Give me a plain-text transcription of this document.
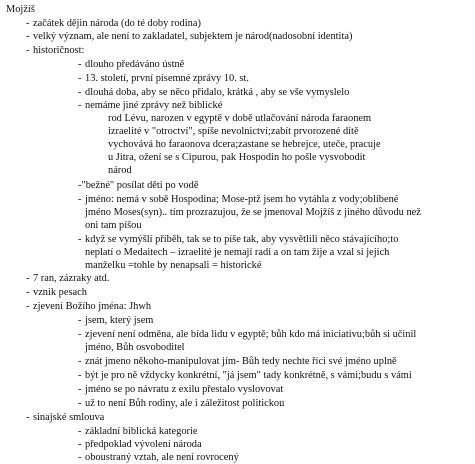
Mojžíš
- začátek dějin národa (do té doby rodina)
- velký význam, ale není to zakladatel, subjektem je národ(nadosobní identita)
- historičnost:
- dlouho předáváno ústně
- 13. století, první písemné zprávy 10. st.
- dlouhá doba, aby se něco přidalo, krátká , aby se vše vymyslelo
- nemáme jiné zprávy než biblické
rod Lévu, narozen v egyptě v době utlačování národa faraonem
izraelité v "otroctví", spíše nevolnictví;zabít prvorozené dítě
vychovává ho faraonova dcera;zastane se hebrejce, uteče, pracuje
u Jitra, ožení se s Cipurou, pak Hospodin ho pošle vysvobodit
národ
-"bežné" posílat děti po vodě
- jméno: nemá v sobě Hospodina; Mose-ptž jsem ho vytáhla z vody;oblíbené
jméno Moses(syn).. tím prozrazujou, že se jmenoval Mojžíš z jiného důvodu než
oni tam píšou
- když se vymýšlí příběh, tak se to píše tak, aby vysvětlili něco stávajícího;to
neplatí o Medaitech – izraelité je nemají radi a on tam žije a vzal si jejich
manželku =tohle by nenapsali = historické
- 7 ran, zázraky atd.
- vznik pesach
- zjevení Božího jména: Jhwh
- jsem, který jsem
- zjevení není odměna, ale bída lidu v egyptě; bůh kdo má iniciativu;bůh si učinil
jméno, Bůh osvoboditel
- znát jmeno někoho-manipulovat jím- Bůh tedy nechte říci své jméno uplně
- být je pro ně vždycky konkrétní, "já jsem" tady konkrétně, s vámi;budu s vámi
- jméno se po návratu z exilu přestalo vyslovovat
- už to není Bůh rodiny, ale i záležitost politickou
- sinajské smlouva
- základní biblická kategorie
- předpoklad vývolení národa
- oboustraný vztah, ale není rovrocený
